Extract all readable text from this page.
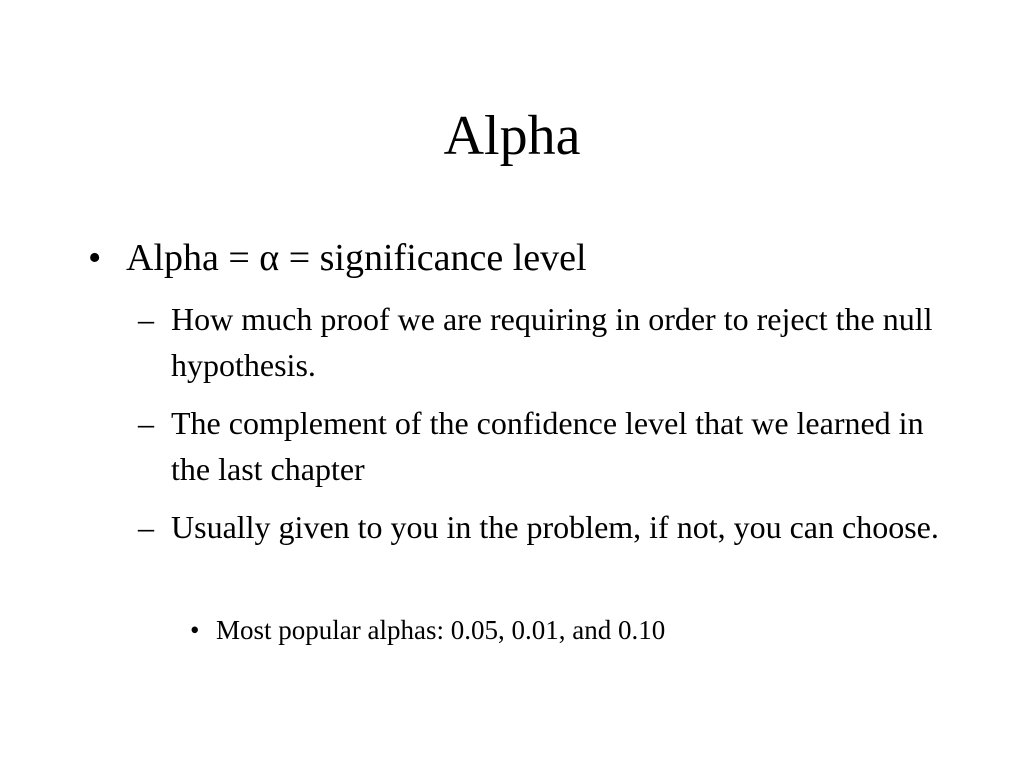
Alpha
• Alpha = α = significance level
– How much proof we are requiring in order to reject the null hypothesis.
– The complement of the confidence level that we learned in the last chapter
– Usually given to you in the problem, if not, you can choose.
• Most popular alphas: 0.05, 0.01, and 0.10
